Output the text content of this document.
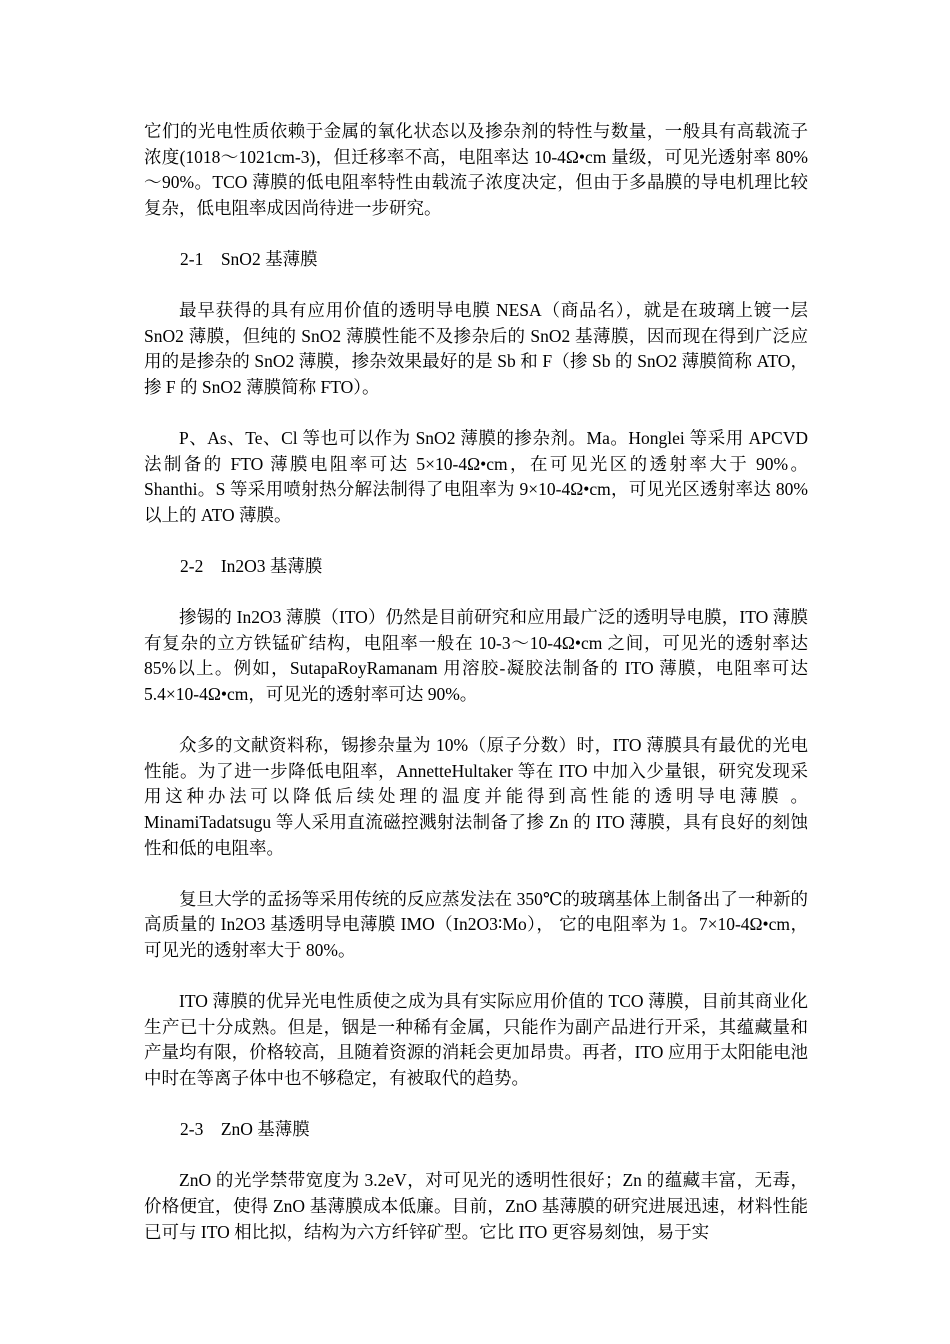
它们的光电性质依赖于金属的氧化状态以及掺杂剂的特性与数量，一般具有高载流子浓度(1018～1021cm-3)，但迁移率不高，电阻率达 10-4Ω•cm 量级，可见光透射率 80%～90%。TCO 薄膜的低电阻率特性由载流子浓度决定，但由于多晶膜的导电机理比较复杂，低电阻率成因尚待进一步研究。

2-1    SnO2 基薄膜

最早获得的具有应用价值的透明导电膜 NESA（商品名），就是在玻璃上镀一层 SnO2 薄膜，但纯的 SnO2 薄膜性能不及掺杂后的 SnO2 基薄膜，因而现在得到广泛应用的是掺杂的 SnO2 薄膜，掺杂效果最好的是 Sb 和 F（掺 Sb 的 SnO2 薄膜简称 ATO，掺 F 的 SnO2 薄膜简称 FTO）。

P、As、Te、Cl 等也可以作为 SnO2 薄膜的掺杂剂。Ma。Honglei 等采用 APCVD 法制备的 FTO 薄膜电阻率可达 5×10-4Ω•cm，在可见光区的透射率大于 90%。Shanthi。S 等采用喷射热分解法制得了电阻率为 9×10-4Ω•cm，可见光区透射率达 80%以上的 ATO 薄膜。

2-2    In2O3 基薄膜

掺锡的 In2O3 薄膜（ITO）仍然是目前研究和应用最广泛的透明导电膜，ITO 薄膜有复杂的立方铁锰矿结构，电阻率一般在 10-3～10-4Ω•cm 之间，可见光的透射率达 85%以上。例如，SutapaRoyRamanam 用溶胶-凝胶法制备的 ITO 薄膜，电阻率可达 5.4×10-4Ω•cm，可见光的透射率可达 90%。

众多的文献资料称，锡掺杂量为 10%（原子分数）时，ITO 薄膜具有最优的光电性能。为了进一步降低电阻率，AnnetteHultaker 等在 ITO 中加入少量银，研究发现采用这种办法可以降低后续处理的温度并能得到高性能的透明导电薄膜 。MinamiTadatsugu 等人采用直流磁控溅射法制备了掺 Zn 的 ITO 薄膜，具有良好的刻蚀性和低的电阻率。

复旦大学的孟扬等采用传统的反应蒸发法在 350℃的玻璃基体上制备出了一种新的高质量的 In2O3 基透明导电薄膜 IMO（In2O3∶Mo）， 它的电阻率为 1。7×10-4Ω•cm，可见光的透射率大于 80%。

ITO 薄膜的优异光电性质使之成为具有实际应用价值的 TCO 薄膜，目前其商业化生产已十分成熟。但是，铟是一种稀有金属，只能作为副产品进行开采，其蕴藏量和产量均有限，价格较高，且随着资源的消耗会更加昂贵。再者，ITO 应用于太阳能电池中时在等离子体中也不够稳定，有被取代的趋势。

2-3    ZnO 基薄膜

ZnO 的光学禁带宽度为 3.2eV，对可见光的透明性很好；Zn 的蕴藏丰富，无毒，价格便宜，使得 ZnO 基薄膜成本低廉。目前，ZnO 基薄膜的研究进展迅速，材料性能已可与 ITO 相比拟，结构为六方纤锌矿型。它比 ITO 更容易刻蚀，易于实
